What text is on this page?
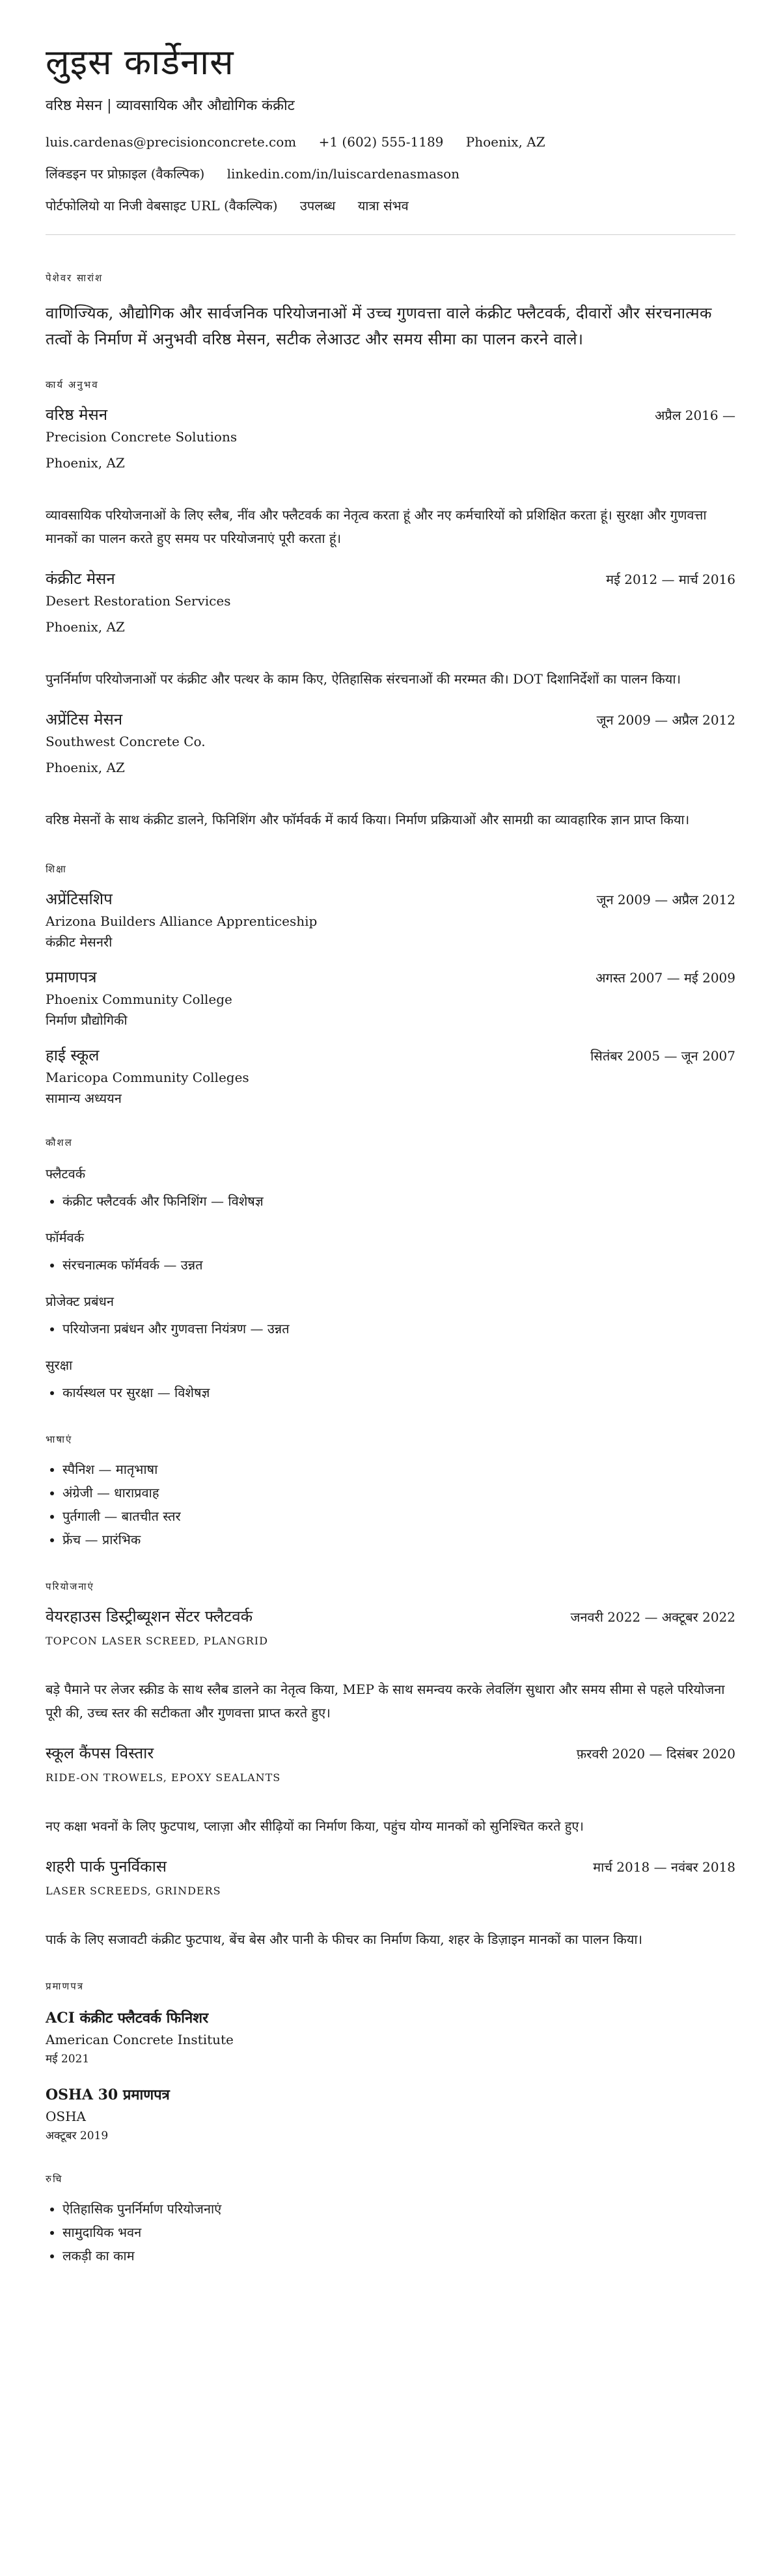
लुइस कार्डेनास
वरिष्ठ मेसन | व्यावसायिक और औद्योगिक कंक्रीट
luis.cardenas@precisionconcrete.com +1 (602) 555-1189 Phoenix, AZ
लिंक्डइन पर प्रोफ़ाइल (वैकल्पिक) linkedin.com/in/luiscardenasmason
पोर्टफोलियो या निजी वेबसाइट URL (वैकल्पिक) उपलब्ध यात्रा संभव
पेशेवर सारांश
वाणिज्यिक, औद्योगिक और सार्वजनिक परियोजनाओं में उच्च गुणवत्ता वाले कंक्रीट फ्लैटवर्क, दीवारों और संरचनात्मक तत्वों के निर्माण में अनुभवी वरिष्ठ मेसन, सटीक लेआउट और समय सीमा का पालन करने वाले।
कार्य अनुभव
वरिष्ठ मेसन	अप्रैल 2016 —
Precision Concrete Solutions
Phoenix, AZ
व्यावसायिक परियोजनाओं के लिए स्लैब, नींव और फ्लैटवर्क का नेतृत्व करता हूं और नए कर्मचारियों को प्रशिक्षित करता हूं। सुरक्षा और गुणवत्ता मानकों का पालन करते हुए समय पर परियोजनाएं पूरी करता हूं।
कंक्रीट मेसन	मई 2012 — मार्च 2016
Desert Restoration Services
Phoenix, AZ
पुनर्निर्माण परियोजनाओं पर कंक्रीट और पत्थर के काम किए, ऐतिहासिक संरचनाओं की मरम्मत की। DOT दिशानिर्देशों का पालन किया।
अप्रेंटिस मेसन	जून 2009 — अप्रैल 2012
Southwest Concrete Co.
Phoenix, AZ
वरिष्ठ मेसनों के साथ कंक्रीट डालने, फिनिशिंग और फॉर्मवर्क में कार्य किया। निर्माण प्रक्रियाओं और सामग्री का व्यावहारिक ज्ञान प्राप्त किया।
शिक्षा
अप्रेंटिसशिप	जून 2009 — अप्रैल 2012
Arizona Builders Alliance Apprenticeship
कंक्रीट मेसनरी
प्रमाणपत्र	अगस्त 2007 — मई 2009
Phoenix Community College
निर्माण प्रौद्योगिकी
हाई स्कूल	सितंबर 2005 — जून 2007
Maricopa Community Colleges
सामान्य अध्ययन
कौशल
फ्लैटवर्क
• कंक्रीट फ्लैटवर्क और फिनिशिंग — विशेषज्ञ
फॉर्मवर्क
• संरचनात्मक फॉर्मवर्क — उन्नत
प्रोजेक्ट प्रबंधन
• परियोजना प्रबंधन और गुणवत्ता नियंत्रण — उन्नत
सुरक्षा
• कार्यस्थल पर सुरक्षा — विशेषज्ञ
भाषाएं
• स्पैनिश — मातृभाषा
• अंग्रेजी — धाराप्रवाह
• पुर्तगाली — बातचीत स्तर
• फ्रेंच — प्रारंभिक
परियोजनाएं
वेयरहाउस डिस्ट्रीब्यूशन सेंटर फ्लैटवर्क	जनवरी 2022 — अक्टूबर 2022
TOPCON LASER SCREED, PLANGRID
बड़े पैमाने पर लेजर स्क्रीड के साथ स्लैब डालने का नेतृत्व किया, MEP के साथ समन्वय करके लेवलिंग सुधारा और समय सीमा से पहले परियोजना पूरी की, उच्च स्तर की सटीकता और गुणवत्ता प्राप्त करते हुए।
स्कूल कैंपस विस्तार	फ़रवरी 2020 — दिसंबर 2020
RIDE-ON TROWELS, EPOXY SEALANTS
नए कक्षा भवनों के लिए फुटपाथ, प्लाज़ा और सीढ़ियों का निर्माण किया, पहुंच योग्य मानकों को सुनिश्चित करते हुए।
शहरी पार्क पुनर्विकास	मार्च 2018 — नवंबर 2018
LASER SCREEDS, GRINDERS
पार्क के लिए सजावटी कंक्रीट फुटपाथ, बेंच बेस और पानी के फीचर का निर्माण किया, शहर के डिज़ाइन मानकों का पालन किया।
प्रमाणपत्र
ACI कंक्रीट फ्लैटवर्क फिनिशर
American Concrete Institute
मई 2021
OSHA 30 प्रमाणपत्र
OSHA
अक्टूबर 2019
रुचि
• ऐतिहासिक पुनर्निर्माण परियोजनाएं
• सामुदायिक भवन
• लकड़ी का काम
